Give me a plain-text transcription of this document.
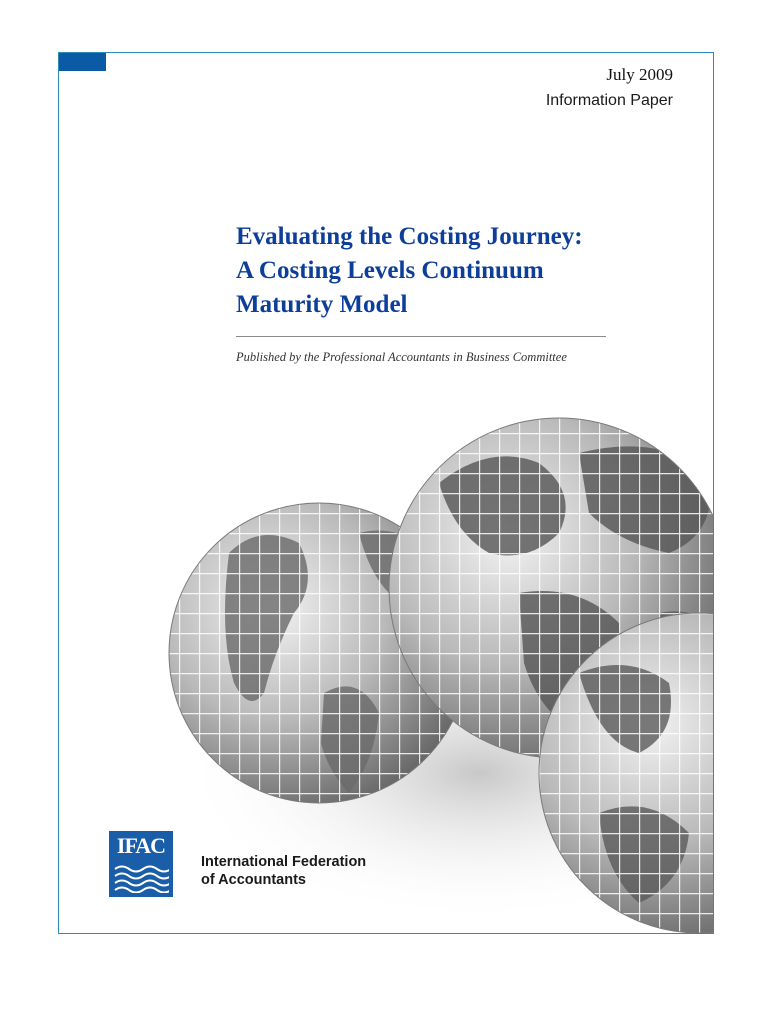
July 2009
Information Paper
Evaluating the Costing Journey:
A Costing Levels Continuum
Maturity Model
Published by the Professional Accountants in Business Committee
IFAC
International Federation
of Accountants
